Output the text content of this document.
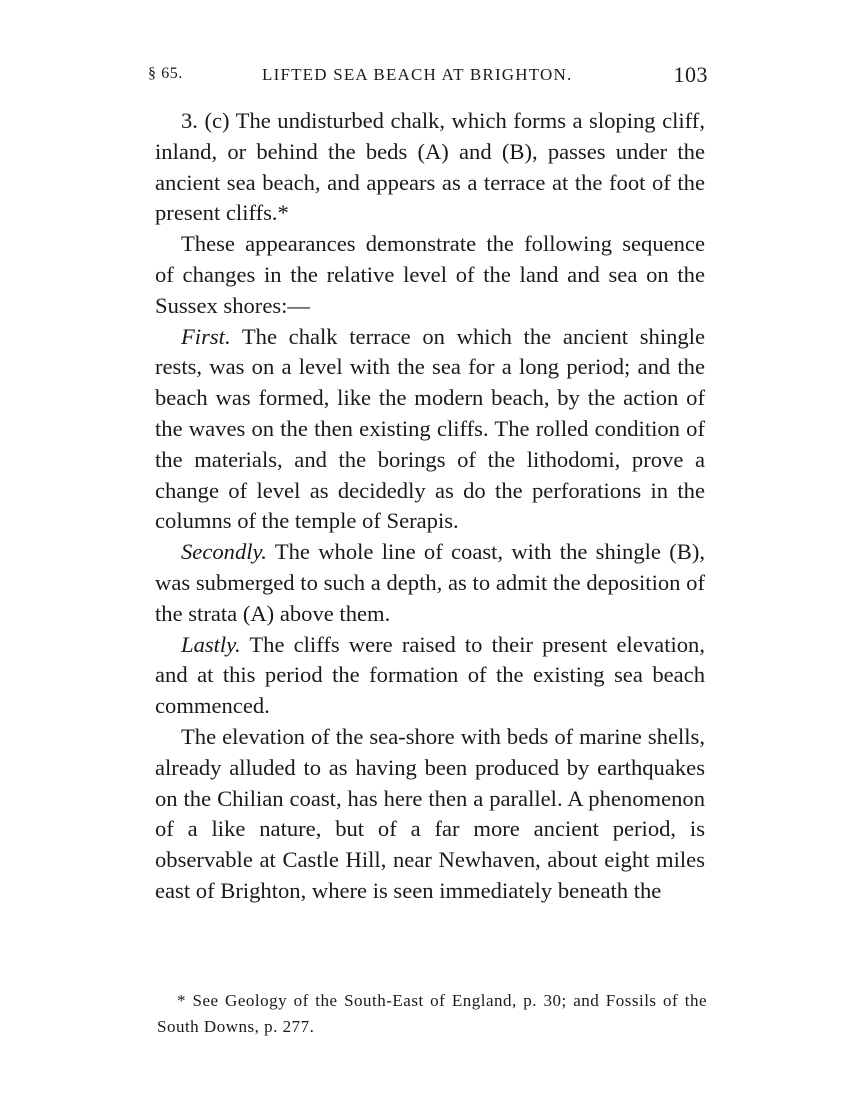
§ 65.	LIFTED SEA BEACH AT BRIGHTON.	103

3. (c) The undisturbed chalk, which forms a sloping cliff, inland, or behind the beds (A) and (B), passes under the ancient sea beach, and appears as a terrace at the foot of the present cliffs.*

These appearances demonstrate the following sequence of changes in the relative level of the land and sea on the Sussex shores:—

First. The chalk terrace on which the ancient shingle rests, was on a level with the sea for a long period; and the beach was formed, like the modern beach, by the action of the waves on the then existing cliffs. The rolled condition of the materials, and the borings of the lithodomi, prove a change of level as decidedly as do the perforations in the columns of the temple of Serapis.

Secondly. The whole line of coast, with the shingle (B), was submerged to such a depth, as to admit the deposition of the strata (A) above them.

Lastly. The cliffs were raised to their present elevation, and at this period the formation of the existing sea beach commenced.

The elevation of the sea-shore with beds of marine shells, already alluded to as having been produced by earthquakes on the Chilian coast, has here then a parallel. A phenomenon of a like nature, but of a far more ancient period, is observable at Castle Hill, near Newhaven, about eight miles east of Brighton, where is seen immediately beneath the

* See Geology of the South-East of England, p. 30; and Fossils of the South Downs, p. 277.
